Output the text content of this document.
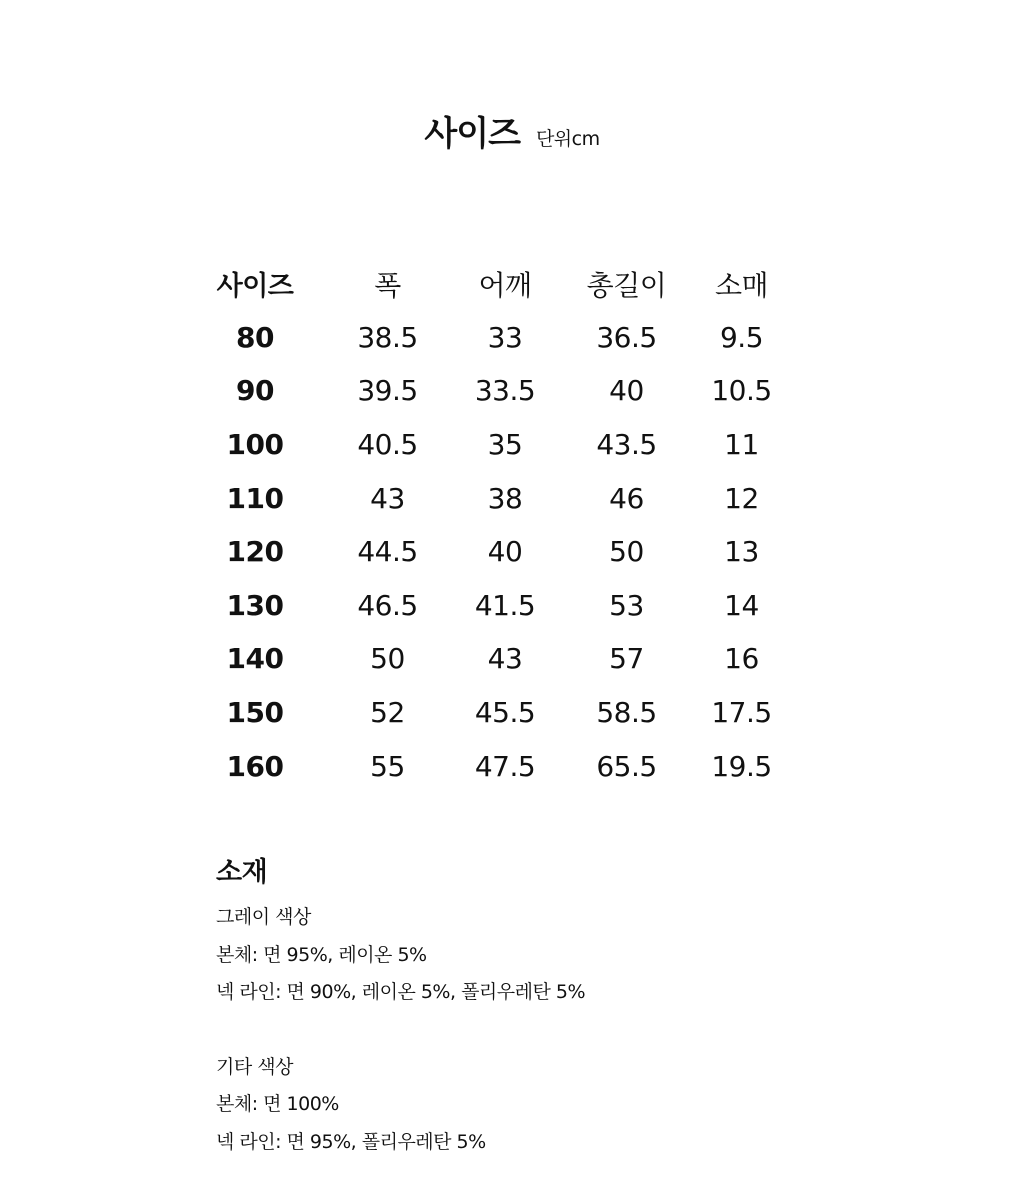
사이즈 단위cm
사이즈	폭	어깨	총길이	소매
80	38.5	33	36.5	9.5
90	39.5	33.5	40	10.5
100	40.5	35	43.5	11
110	43	38	46	12
120	44.5	40	50	13
130	46.5	41.5	53	14
140	50	43	57	16
150	52	45.5	58.5	17.5
160	55	47.5	65.5	19.5
소재
그레이 색상
본체: 면 95%, 레이온 5%
넥 라인: 면 90%, 레이온 5%, 폴리우레탄 5%
기타 색상
본체: 면 100%
넥 라인: 면 95%, 폴리우레탄 5%
